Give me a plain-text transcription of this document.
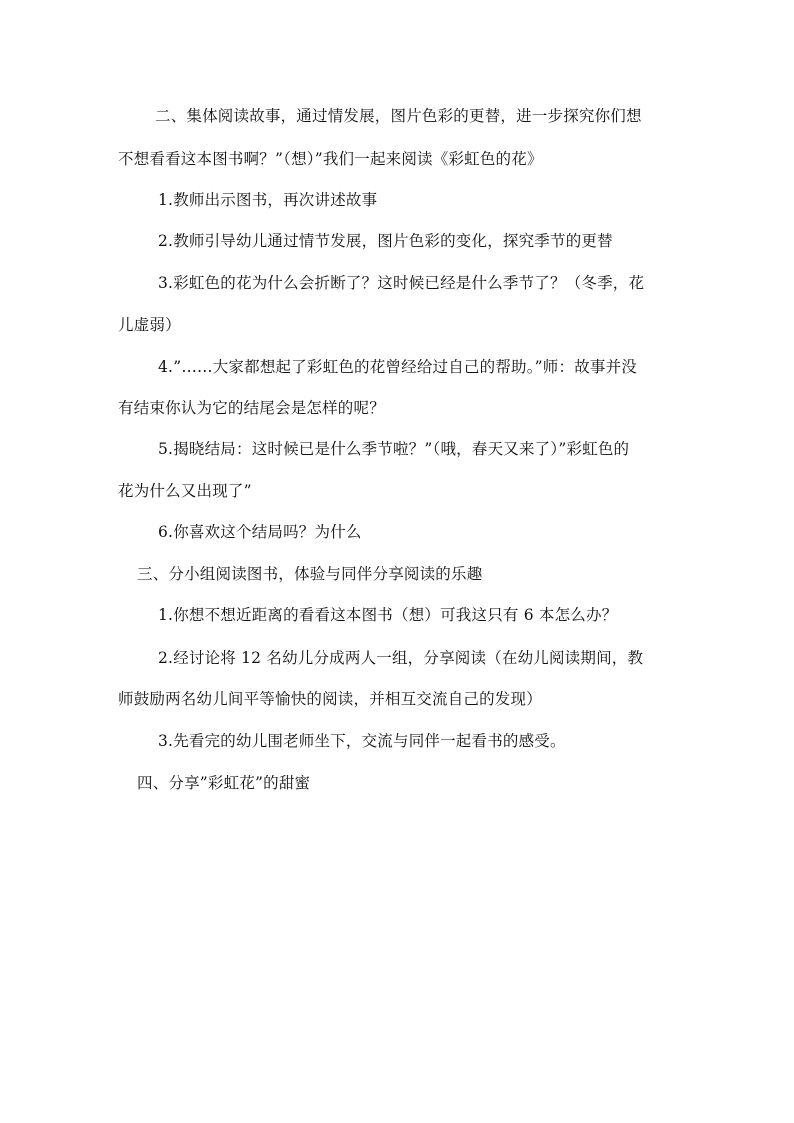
二、集体阅读故事，通过情发展，图片色彩的更替，进一步探究你们想
不想看看这本图书啊？”（想）”我们一起来阅读《彩虹色的花》
1.教师出示图书，再次讲述故事
2.教师引导幼儿通过情节发展，图片色彩的变化，探究季节的更替
3.彩虹色的花为什么会折断了？这时候已经是什么季节了？（冬季，花
儿虚弱）
4.”……大家都想起了彩虹色的花曾经给过自己的帮助。”师：故事并没
有结束你认为它的结尾会是怎样的呢？
5.揭晓结局：这时候已是什么季节啦？”（哦，春天又来了）”彩虹色的
花为什么又出现了”
6.你喜欢这个结局吗？为什么
三、分小组阅读图书，体验与同伴分享阅读的乐趣
1.你想不想近距离的看看这本图书（想）可我这只有 6 本怎么办？
2.经讨论将 12 名幼儿分成两人一组，分享阅读（在幼儿阅读期间，教
师鼓励两名幼儿间平等愉快的阅读，并相互交流自己的发现）
3.先看完的幼儿围老师坐下，交流与同伴一起看书的感受。
四、分享”彩虹花”的甜蜜
